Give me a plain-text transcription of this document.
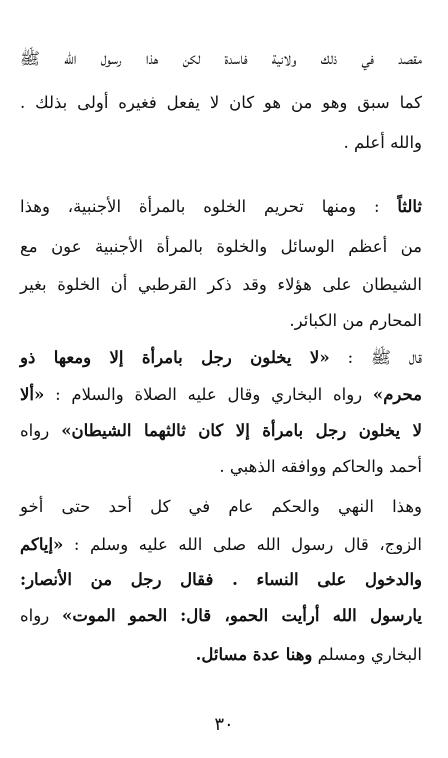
مقصد في ذلك ولانية فاسدة لكن هذا رسول الله ﷺ
كما سبق وهو من هو كان لا يفعل فغيره أولى بذلك .
والله أعلم .
ثالثاً : ومنها تحريم الخلوه بالمرأة الأجنبية، وهذا
من أعظم الوسائل والخلوة بالمرأة الأجنبية عون مع
الشيطان على هؤلاء وقد ذكر القرطبي أن الخلوة بغير
المحارم من الكبائر.
قال ﷺ : «لا يخلون رجل بامرأة إلا ومعها ذو
محرم» رواه البخاري وقال عليه الصلاة والسلام : «ألا
لا يخلون رجل بامرأة إلا كان ثالثهما الشيطان» رواه
أحمد والحاكم ووافقه الذهبي .
وهذا النهي والحكم عام في كل أحد حتى أخو
الزوج، قال رسول الله صلى الله عليه وسلم : «إياكم
والدخول على النساء . فقال رجل من الأنصار:
يارسول الله أرأيت الحمو، قال: الحمو الموت» رواه
البخاري ومسلم وهنا عدة مسائل.
٣٠
